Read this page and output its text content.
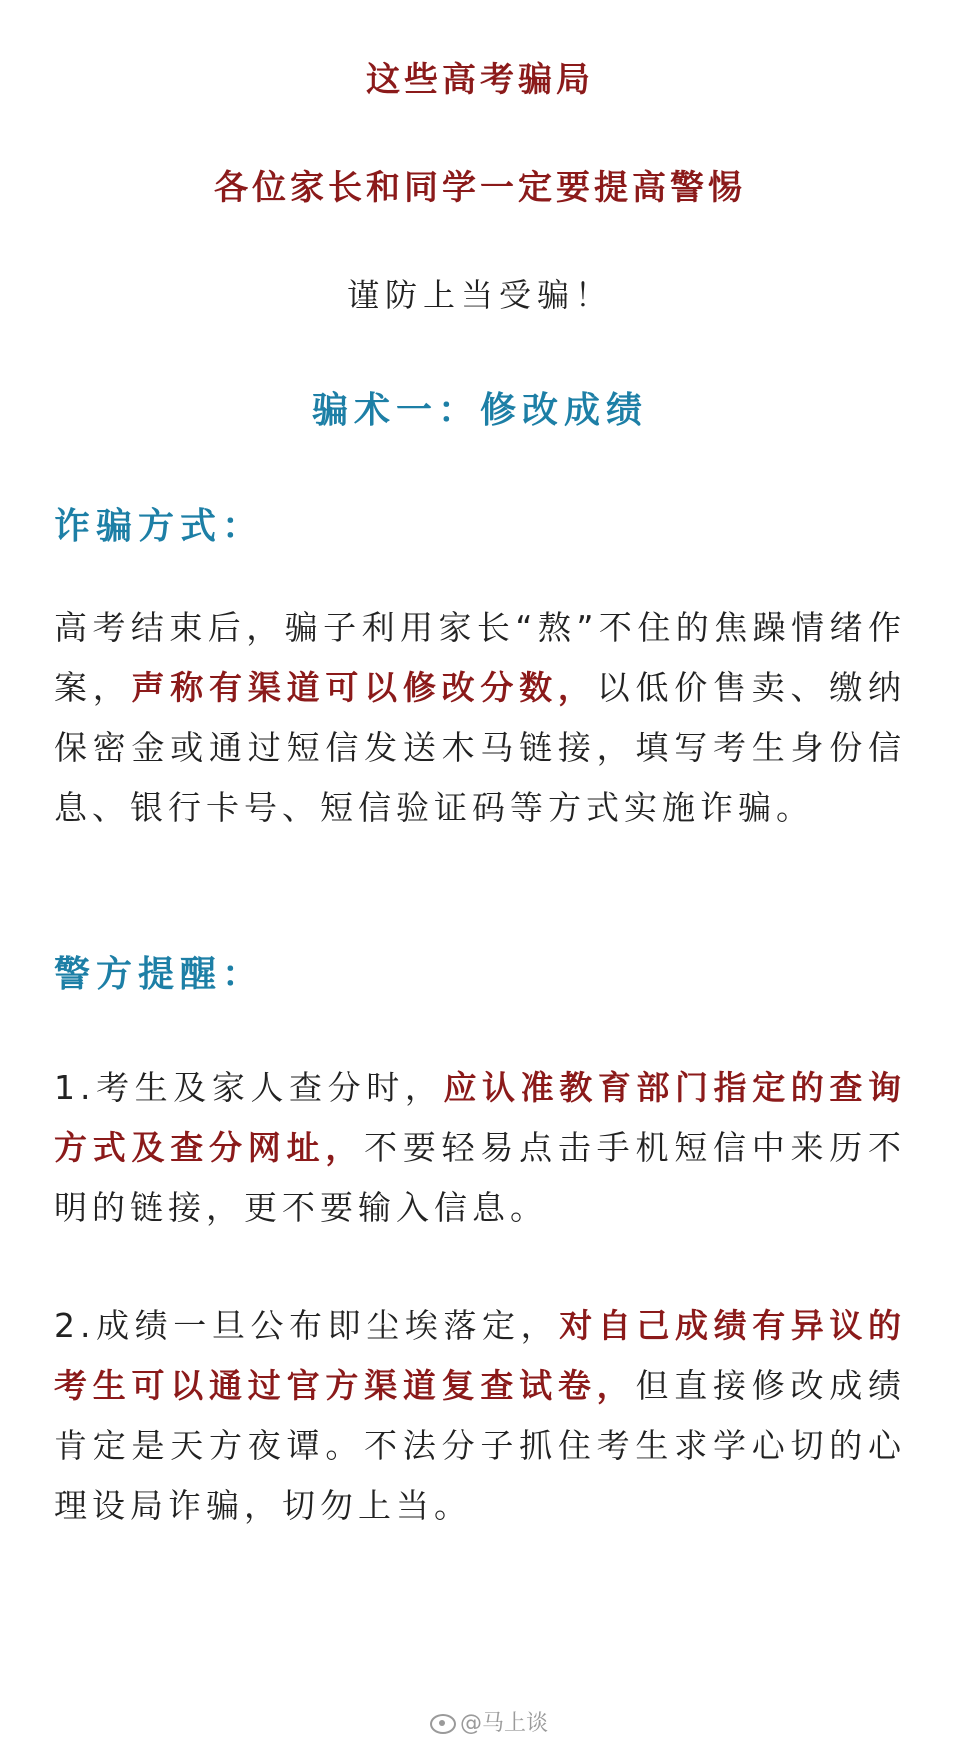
这些高考骗局
各位家长和同学一定要提高警惕
谨防上当受骗！
骗术一：修改成绩
诈骗方式：
高考结束后，骗子利用家长“熬”不住的焦躁情绪作案，声称有渠道可以修改分数，以低价售卖、缴纳保密金或通过短信发送木马链接，填写考生身份信息、银行卡号、短信验证码等方式实施诈骗。
警方提醒：
1.考生及家人查分时，应认准教育部门指定的查询方式及查分网址，不要轻易点击手机短信中来历不明的链接，更不要输入信息。
2.成绩一旦公布即尘埃落定，对自己成绩有异议的考生可以通过官方渠道复查试卷，但直接修改成绩肯定是天方夜谭。不法分子抓住考生求学心切的心理设局诈骗，切勿上当。
@马上谈
